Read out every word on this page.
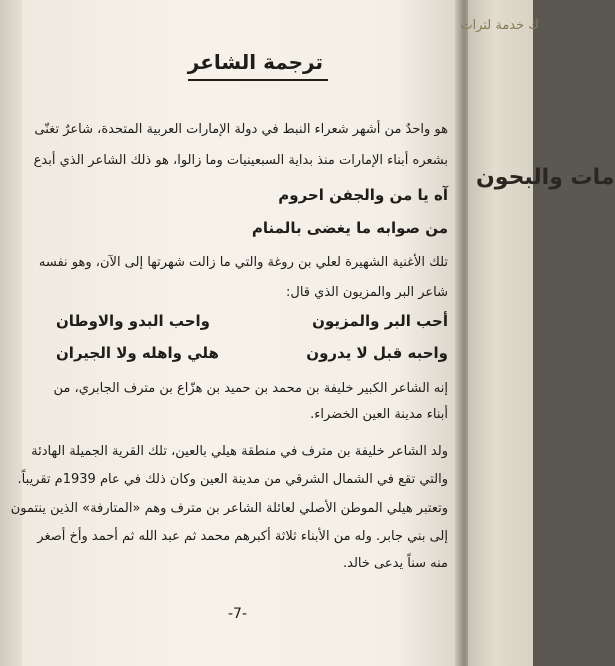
ك خدمة لتراث
مات والبحون
ترجمة الشاعر
هو واحدٌ من أشهر شعراء النبط في دولة الإمارات العربية المتحدة، شاعرٌ تغنّى
بشعره أبناء الإمارات منذ بداية السبعينيات وما زالوا، هو ذلك الشاعر الذي أبدع
آه يا من والجفن احروم
من صوابه ما يغضى بالمنام
تلك الأغنية الشهيرة لعلي بن روغة والتي ما زالت شهرتها إلى الآن، وهو نفسه
شاعر البر والمزيون الذي قال:
أحب البر والمزيون
واحب البدو والاوطان
واحبه قبل لا يدرون
هلي واهله ولا الجيران
إنه الشاعر الكبير خليفة بن محمد بن حميد بن هزّاع بن مترف الجابري، من
أبناء مدينة العين الخضراء.
ولد الشاعر خليفة بن مترف في منطقة هيلي بالعين، تلك القرية الجميلة الهادئة
والتي تقع في الشمال الشرقي من مدينة العين وكان ذلك في عام 1939م تقريباً.
وتعتبر هيلي الموطن الأصلي لعائلة الشاعر بن مترف وهم «المتارفة» الذين ينتمون
إلى بني جابر. وله من الأبناء ثلاثة أكبرهم محمد ثم عبد الله ثم أحمد وأخ أصغر
منه سناً يدعى خالد.
-7-
